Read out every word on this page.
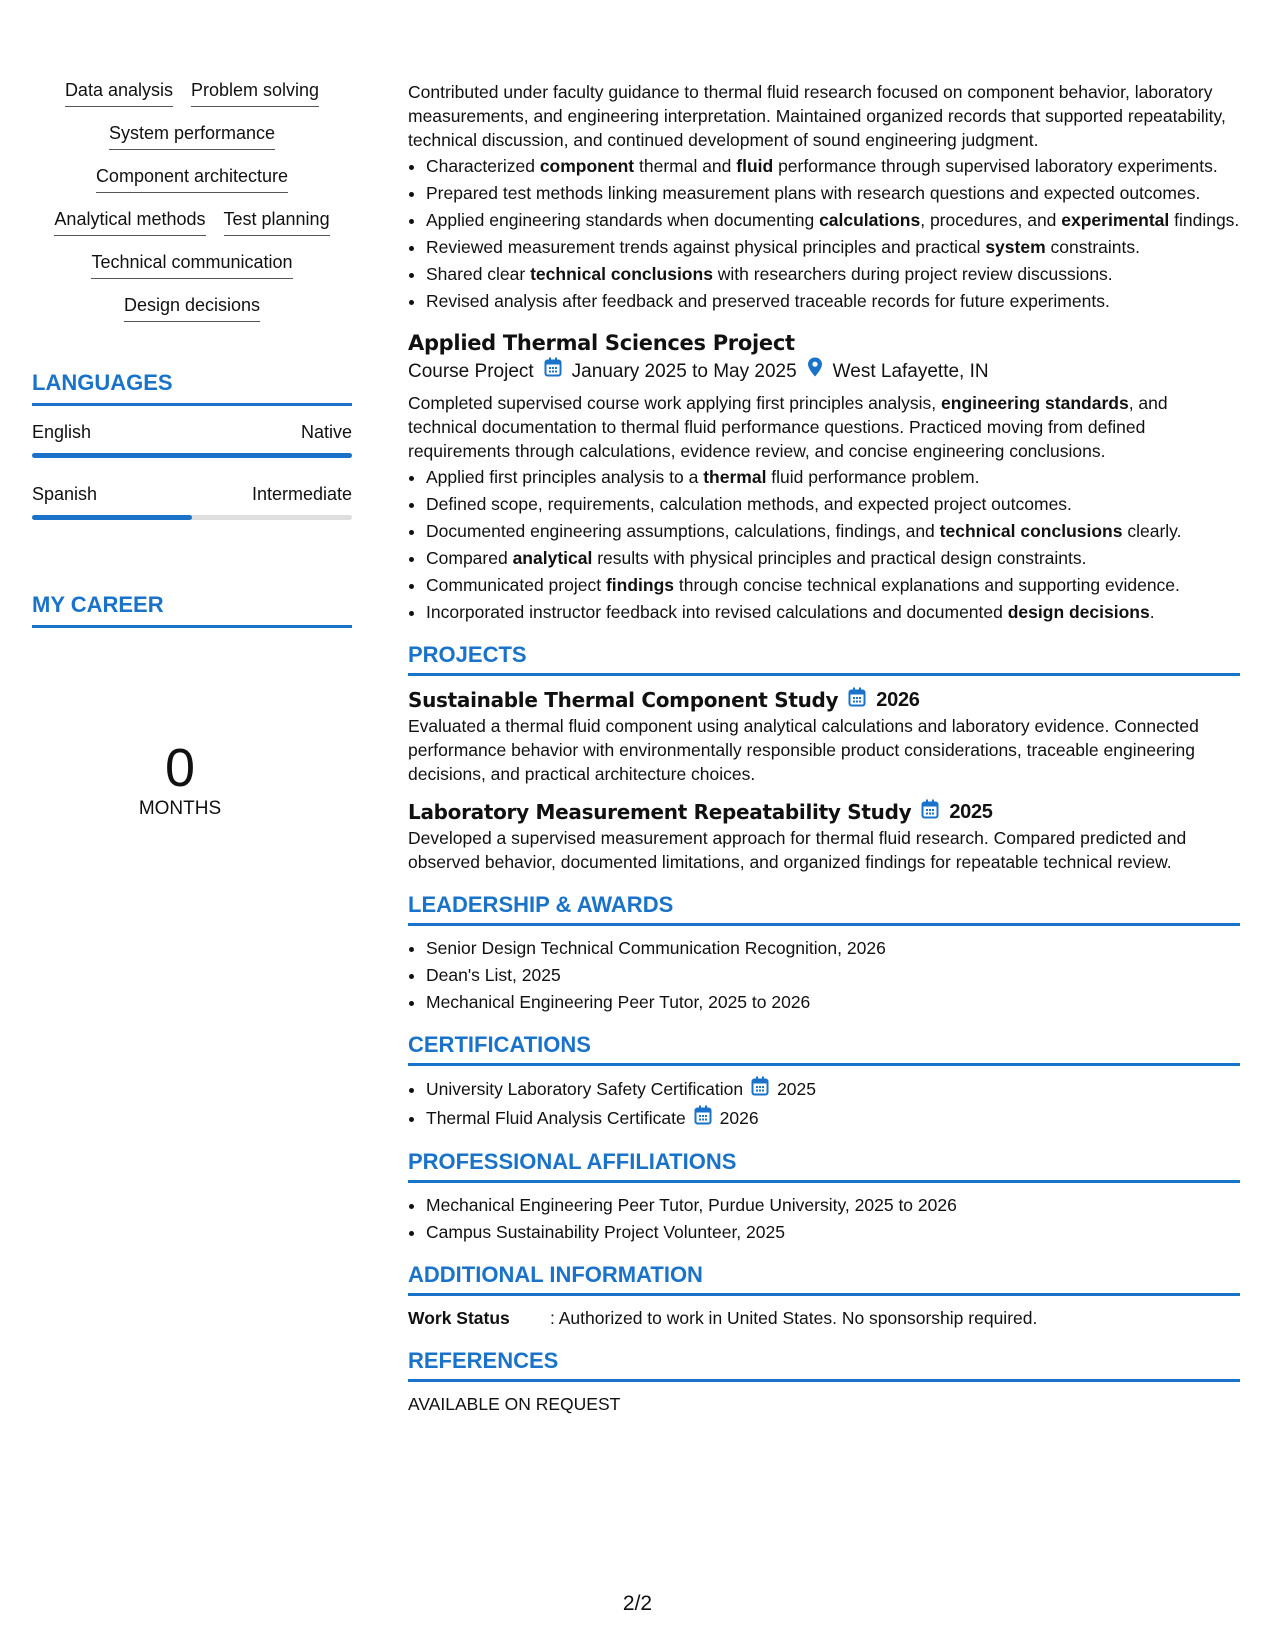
Data analysis Problem solving
System performance
Component architecture
Analytical methods Test planning
Technical communication
Design decisions
LANGUAGES
English	Native
Spanish	Intermediate
MY CAREER
0
MONTHS

Contributed under faculty guidance to thermal fluid research focused on component behavior, laboratory measurements, and engineering interpretation. Maintained organized records that supported repeatability, technical discussion, and continued development of sound engineering judgment.

• Characterized component thermal and fluid performance through supervised laboratory experiments.
• Prepared test methods linking measurement plans with research questions and expected outcomes.
• Applied engineering standards when documenting calculations, procedures, and experimental findings.
• Reviewed measurement trends against physical principles and practical system constraints.
• Shared clear technical conclusions with researchers during project review discussions.
• Revised analysis after feedback and preserved traceable records for future experiments.
Applied Thermal Sciences Project
Course Project January 2025 to May 2025 West Lafayette, IN

Completed supervised course work applying first principles analysis, engineering standards, and technical documentation to thermal fluid performance questions. Practiced moving from defined requirements through calculations, evidence review, and concise engineering conclusions.

• Applied first principles analysis to a thermal fluid performance problem.
• Defined scope, requirements, calculation methods, and expected project outcomes.
• Documented engineering assumptions, calculations, findings, and technical conclusions clearly.
• Compared analytical results with physical principles and practical design constraints.
• Communicated project findings through concise technical explanations and supporting evidence.
• Incorporated instructor feedback into revised calculations and documented design decisions.
PROJECTS
Sustainable Thermal Component Study 2026

Evaluated a thermal fluid component using analytical calculations and laboratory evidence. Connected performance behavior with environmentally responsible product considerations, traceable engineering decisions, and practical architecture choices.

Laboratory Measurement Repeatability Study 2025

Developed a supervised measurement approach for thermal fluid research. Compared predicted and observed behavior, documented limitations, and organized findings for repeatable technical review.

LEADERSHIP & AWARDS
• Senior Design Technical Communication Recognition, 2026
• Dean's List, 2025
• Mechanical Engineering Peer Tutor, 2025 to 2026
CERTIFICATIONS
• University Laboratory Safety Certification 2025
• Thermal Fluid Analysis Certificate 2026
PROFESSIONAL AFFILIATIONS
• Mechanical Engineering Peer Tutor, Purdue University, 2025 to 2026
• Campus Sustainability Project Volunteer, 2025
ADDITIONAL INFORMATION
Work Status	: Authorized to work in United States. No sponsorship required.
REFERENCES

AVAILABLE ON REQUEST

2/2
